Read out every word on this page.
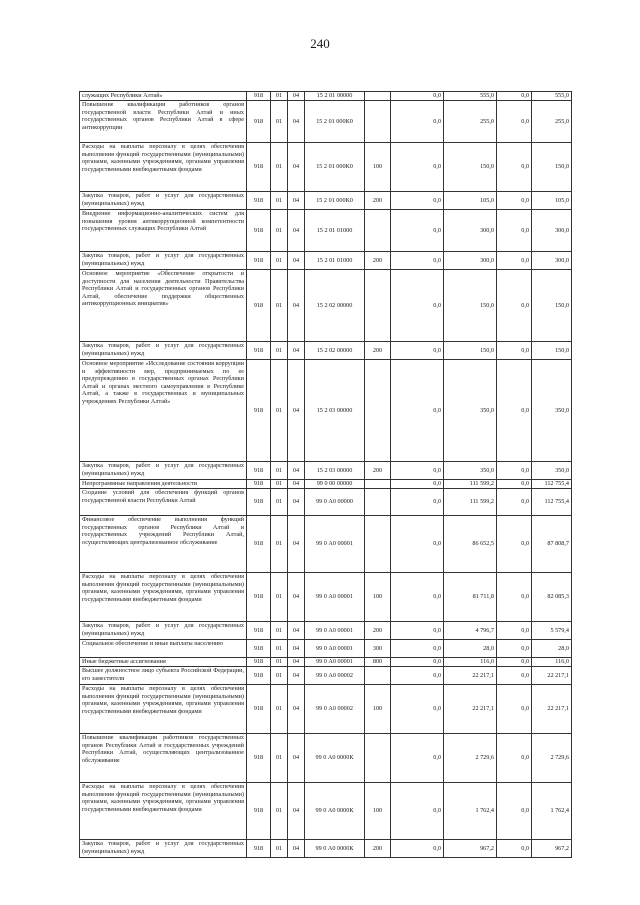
240
служащих Республики Алтай»	918	01	04	15 2 01 00000		0,0	555,0	0,0	555,0
Повышение квалификации работников органов государственной власти Республики Алтай и иных государственных органов Республики Алтай в сфере антикоррупции	918	01	04	15 2 01 000К0		0,0	255,0	0,0	255,0
Расходы на выплаты персоналу в целях обеспечения выполнения функций государственными (муниципальными) органами, казенными учреждениями, органами управления государственными внебюджетными фондами	918	01	04	15 2 01 000К0	100	0,0	150,0	0,0	150,0
Закупка товаров, работ и услуг для государственных (муниципальных) нужд	918	01	04	15 2 01 000К0	200	0,0	105,0	0,0	105,0
Внедрение информационно-аналитических систем для повышения уровня антикоррупционной компетентности государственных служащих Республики Алтай	918	01	04	15 2 01 01000		0,0	300,0	0,0	300,0
Закупка товаров, работ и услуг для государственных (муниципальных) нужд	918	01	04	15 2 01 01000	200	0,0	300,0	0,0	300,0
Основное мероприятие «Обеспечение открытости и доступности для населения деятельности Правительства Республики Алтай и государственных органов Республики Алтай, обеспечение поддержки общественных антикоррупционных инициатив»	918	01	04	15 2 02 00000		0,0	150,0	0,0	150,0
Закупка товаров, работ и услуг для государственных (муниципальных) нужд	918	01	04	15 2 02 00000	200	0,0	150,0	0,0	150,0
Основное мероприятие «Исследование состояния коррупции и эффективности мер, предпринимаемых по ее предупреждению в государственных органах Республики Алтай и органах местного самоуправления в Республике Алтай, а также в государственных и муниципальных учреждениях Республики Алтай»	918	01	04	15 2 03 00000		0,0	350,0	0,0	350,0
Закупка товаров, работ и услуг для государственных (муниципальных) нужд	918	01	04	15 2 03 00000	200	0,0	350,0	0,0	350,0
Непрограммные направления деятельности	918	01	04	99 0 00 00000		0,0	111 599,2	0,0	112 755,4
Создание условий для обеспечения функций органов государственной власти Республики Алтай	918	01	04	99 0 А0 00000		0,0	111 599,2	0,0	112 755,4
Финансовое обеспечение выполнения функций государственных органов Республики Алтай и государственных учреждений Республики Алтай, осуществляющих централизованное обслуживание	918	01	04	99 0 А0 00001		0,0	86 652,5	0,0	87 808,7
Расходы на выплаты персоналу в целях обеспечения выполнения функций государственными (муниципальными) органами, казенными учреждениями, органами управления государственными внебюджетными фондами	918	01	04	99 0 А0 00001	100	0,0	81 711,8	0,0	82 085,3
Закупка товаров, работ и услуг для государственных (муниципальных) нужд	918	01	04	99 0 А0 00001	200	0,0	4 796,7	0,0	5 579,4
Социальное обеспечение и иные выплаты населению	918	01	04	99 0 А0 00001	300	0,0	28,0	0,0	28,0
Иные бюджетные ассигнования	918	01	04	99 0 А0 00001	800	0,0	116,0	0,0	116,0
Высшее должностное лицо субъекта Российской Федерации, его заместители	918	01	04	99 0 А0 00002		0,0	22 217,1	0,0	22 217,1
Расходы на выплаты персоналу в целях обеспечения выполнения функций государственными (муниципальными) органами, казенными учреждениями, органами управления государственными внебюджетными фондами	918	01	04	99 0 А0 00002	100	0,0	22 217,1	0,0	22 217,1
Повышение квалификации работников государственных органов Республики Алтай и государственных учреждений Республики Алтай, осуществляющих централизованное обслуживание	918	01	04	99 0 А0 0000К		0,0	2 729,6	0,0	2 729,6
Расходы на выплаты персоналу в целях обеспечения выполнения функций государственными (муниципальными) органами, казенными учреждениями, органами управления государственными внебюджетными фондами	918	01	04	99 0 А0 0000К	100	0,0	1 762,4	0,0	1 762,4
Закупка товаров, работ и услуг для государственных (муниципальных) нужд	918	01	04	99 0 А0 0000К	200	0,0	967,2	0,0	967,2
